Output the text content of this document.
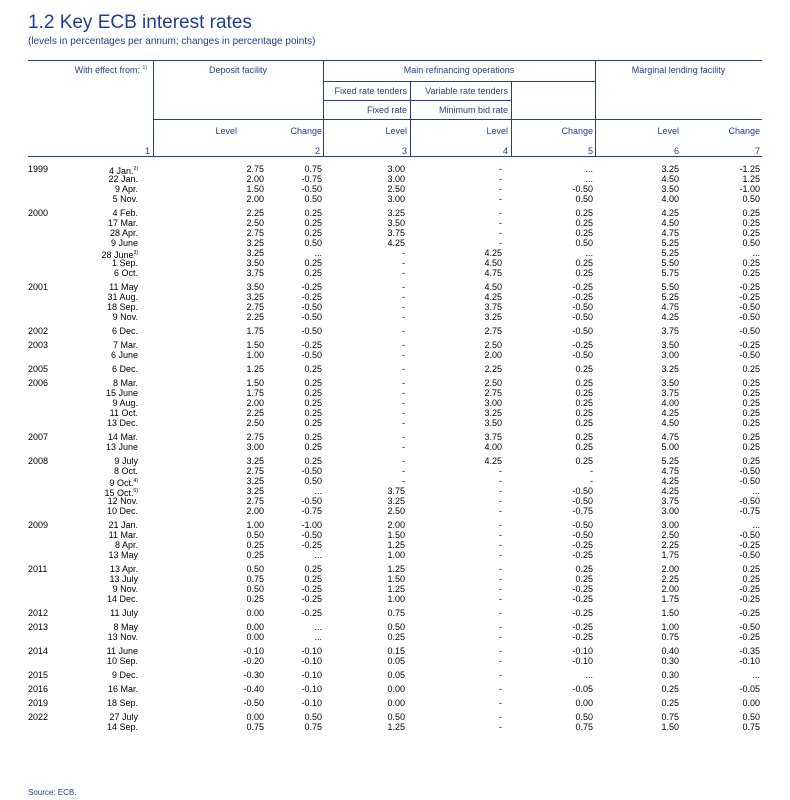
1.2 Key ECB interest rates
(levels in percentages per annum; changes in percentage points)
With effect from: $^{1)}$	Deposit facility	Main refinancing operations	Marginal lending facility
Fixed rate tenders Variable rate tenders
Fixed rate	Minimum bid rate
Level	Change	Level	Level	Change	Level	Change
1	2	3	4	5	6	7
1999	4 Jan.$^{2)}$	2.75	0.75	3.00	-	...	3.25	-1.25
22 Jan.	2.00	-0.75	3.00	-	...	4.50	1.25
9 Apr.	1.50	-0.50	2.50	-	-0.50	3.50	-1.00
5 Nov.	2.00	0.50	3.00	-	0.50	4.00	0.50
2000	4 Feb.	2.25	0.25	3.25	-	0.25	4.25	0.25
17 Mar.	2.50	0.25	3.50	-	0.25	4.50	0.25
28 Apr.	2.75	0.25	3.75	-	0.25	4.75	0.25
9 June	3.25	0.50	4.25	-	0.50	5.25	0.50
28 June$^{3)}$	3.25	...	-	4.25	...	5.25	...
1 Sep.	3.50	0.25	-	4.50	0.25	5.50	0.25
6 Oct.	3.75	0.25	-	4.75	0.25	5.75	0.25
2001	11 May	3.50	-0.25	-	4.50	-0.25	5.50	-0.25
31 Aug.	3.25	-0.25	-	4.25	-0.25	5.25	-0.25
18 Sep.	2.75	-0.50	-	3.75	-0.50	4.75	-0.50
9 Nov.	2.25	-0.50	-	3.25	-0.50	4.25	-0.50
2002	6 Dec.	1.75	-0.50	-	2.75	-0.50	3.75	-0.50
2003	7 Mar.	1.50	-0.25	-	2.50	-0.25	3.50	-0.25
6 June	1.00	-0.50	-	2.00	-0.50	3.00	-0.50
2005	6 Dec.	1.25	0.25	-	2.25	0.25	3.25	0.25
2006	8 Mar.	1.50	0.25	-	2.50	0.25	3.50	0.25
15 June	1.75	0.25	-	2.75	0.25	3.75	0.25
9 Aug.	2.00	0.25	-	3.00	0.25	4.00	0.25
11 Oct.	2.25	0.25	-	3.25	0.25	4.25	0.25
13 Dec.	2.50	0.25	-	3.50	0.25	4.50	0.25
2007	14 Mar.	2.75	0.25	-	3.75	0.25	4.75	0.25
13 June	3.00	0.25	-	4.00	0.25	5.00	0.25
2008	9 July	3.25	0.25	-	4.25	0.25	5.25	0.25
8 Oct.	2.75	-0.50	-	-	-	4.75	-0.50
9 Oct.$^{4)}$	3.25	0.50	-	-	-	4.25	-0.50
15 Oct.$^{5)}$	3.25	...	3.75	-	-0.50	4.25	...
12 Nov.	2.75	-0.50	3.25	-	-0.50	3.75	-0.50
10 Dec.	2.00	-0.75	2.50	-	-0.75	3.00	-0.75
2009	21 Jan.	1.00	-1.00	2.00	-	-0.50	3.00	...
11 Mar.	0.50	-0.50	1.50	-	-0.50	2.50	-0.50
8 Apr.	0.25	-0.25	1.25	-	-0.25	2.25	-0.25
13 May	0.25	...	1.00	-	-0.25	1.75	-0.50
2011	13 Apr.	0.50	0.25	1.25	-	0.25	2.00	0.25
13 July	0.75	0.25	1.50	-	0.25	2.25	0.25
9 Nov.	0.50	-0.25	1.25	-	-0.25	2.00	-0.25
14 Dec.	0.25	-0.25	1.00	-	-0.25	1.75	-0.25
2012	11 July	0.00	-0.25	0.75	-	-0.25	1.50	-0.25
2013	8 May	0.00	...	0.50	-	-0.25	1.00	-0.50
13 Nov.	0.00	...	0.25	-	-0.25	0.75	-0.25
2014	11 June	-0.10	-0.10	0.15	-	-0.10	0.40	-0.35
10 Sep.	-0.20	-0.10	0.05	-	-0.10	0.30	-0.10
2015	9 Dec.	-0.30	-0.10	0.05	-	...	0.30	...
2016	16 Mar.	-0.40	-0.10	0.00	-	-0.05	0.25	-0.05
2019	18 Sep.	-0.50	-0.10	0.00	-	0.00	0.25	0.00
2022	27 July	0.00	0.50	0.50	-	0.50	0.75	0.50
14 Sep.	0.75	0.75	1.25	-	0.75	1.50	0.75
Source: ECB.
